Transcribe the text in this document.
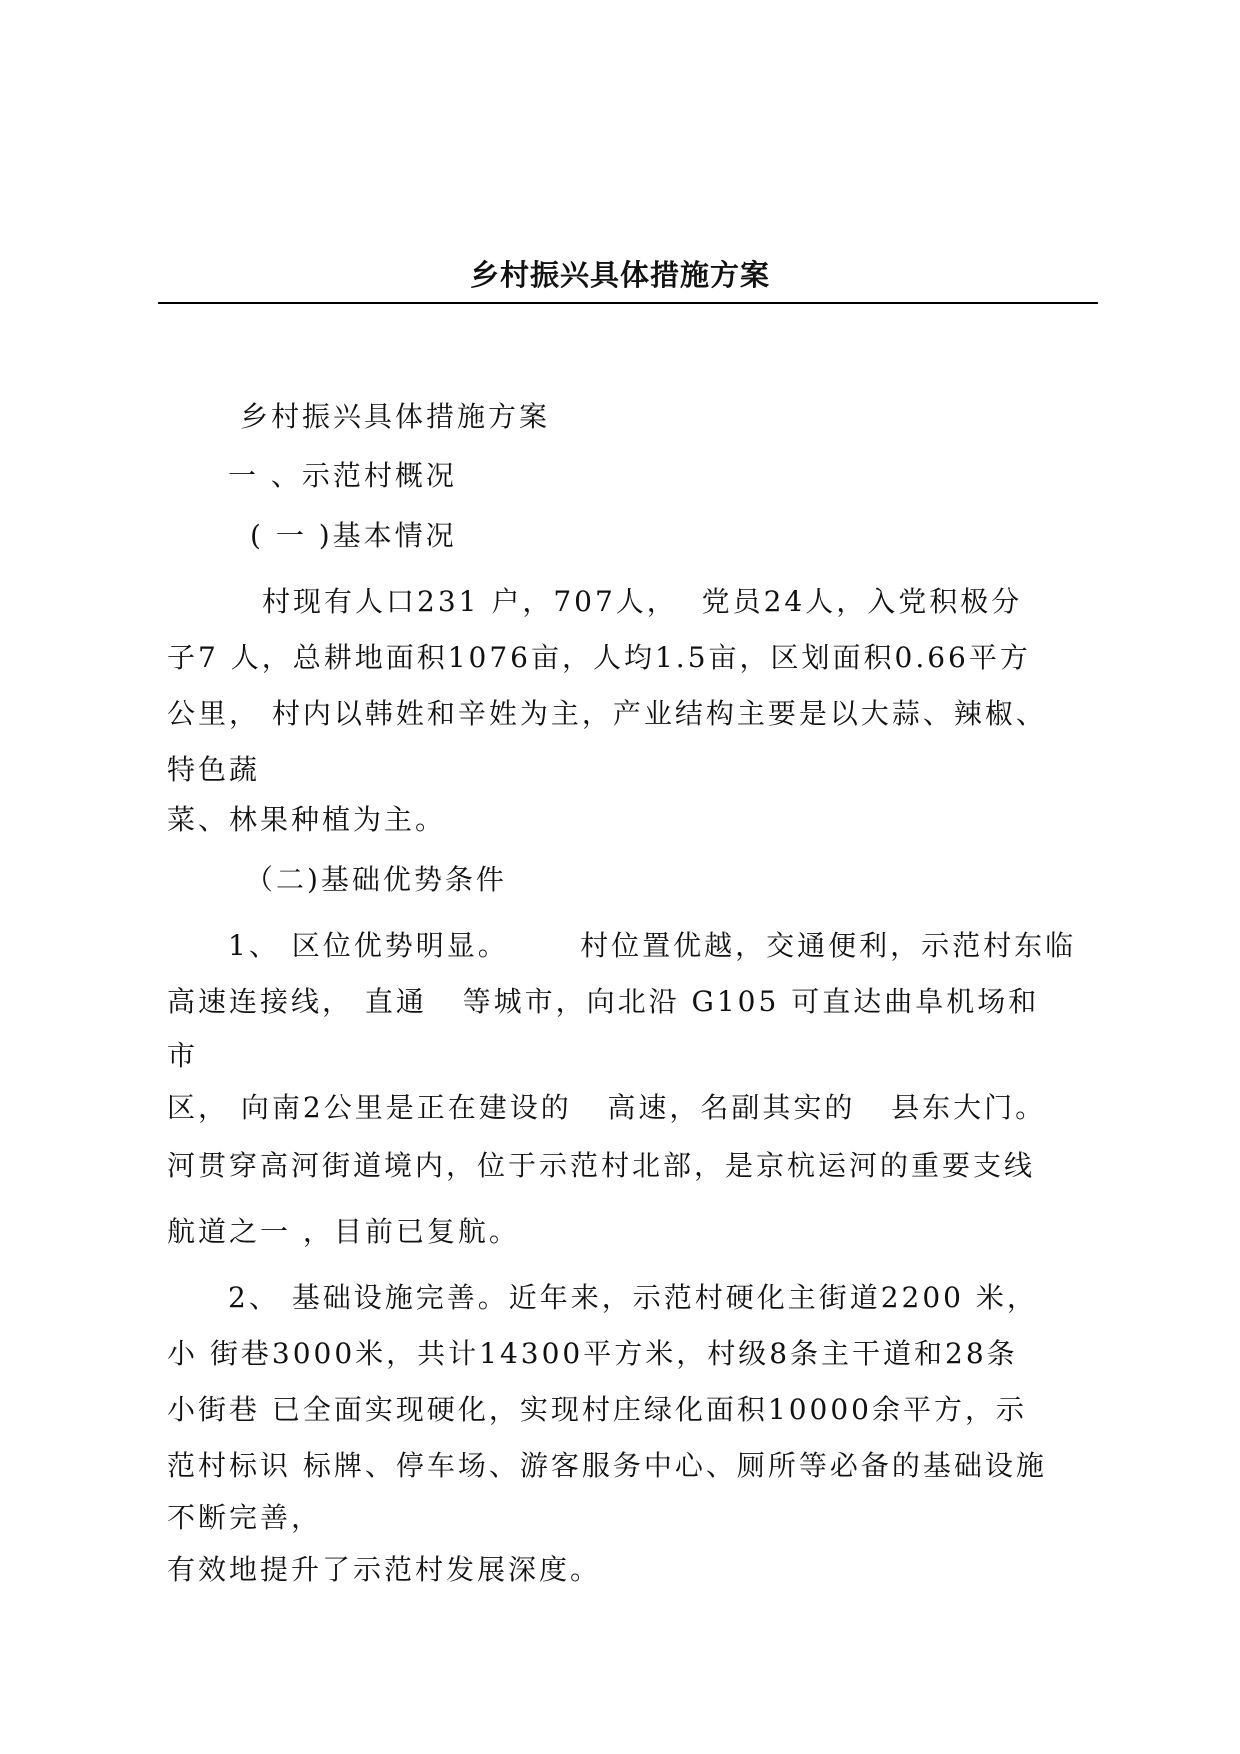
乡村振兴具体措施方案
乡村振兴具体措施方案
一 、示范村概况
( 一 )基本情况
村现有人口231 户，707人，  党员24人，入党积极分
子7 人，总耕地面积1076亩，人均1.5亩，区划面积0.66平方
公里， 村内以韩姓和辛姓为主，产业结构主要是以大蒜、辣椒、
特色蔬
菜、林果种植为主。
（二)基础优势条件
1、 区位优势明显。      村位置优越，交通便利，示范村东临
高速连接线， 直通   等城市，向北沿 G105 可直达曲阜机场和
市
区， 向南2公里是正在建设的   高速，名副其实的   县东大门。
河贯穿高河街道境内，位于示范村北部，是京杭运河的重要支线
航道之一 ，目前已复航。
2、 基础设施完善。近年来，示范村硬化主街道2200 米，
小 街巷3000米，共计14300平方米，村级8条主干道和28条
小街巷 已全面实现硬化，实现村庄绿化面积10000余平方，示
范村标识 标牌、停车场、游客服务中心、厕所等必备的基础设施
不断完善，
有效地提升了示范村发展深度。
